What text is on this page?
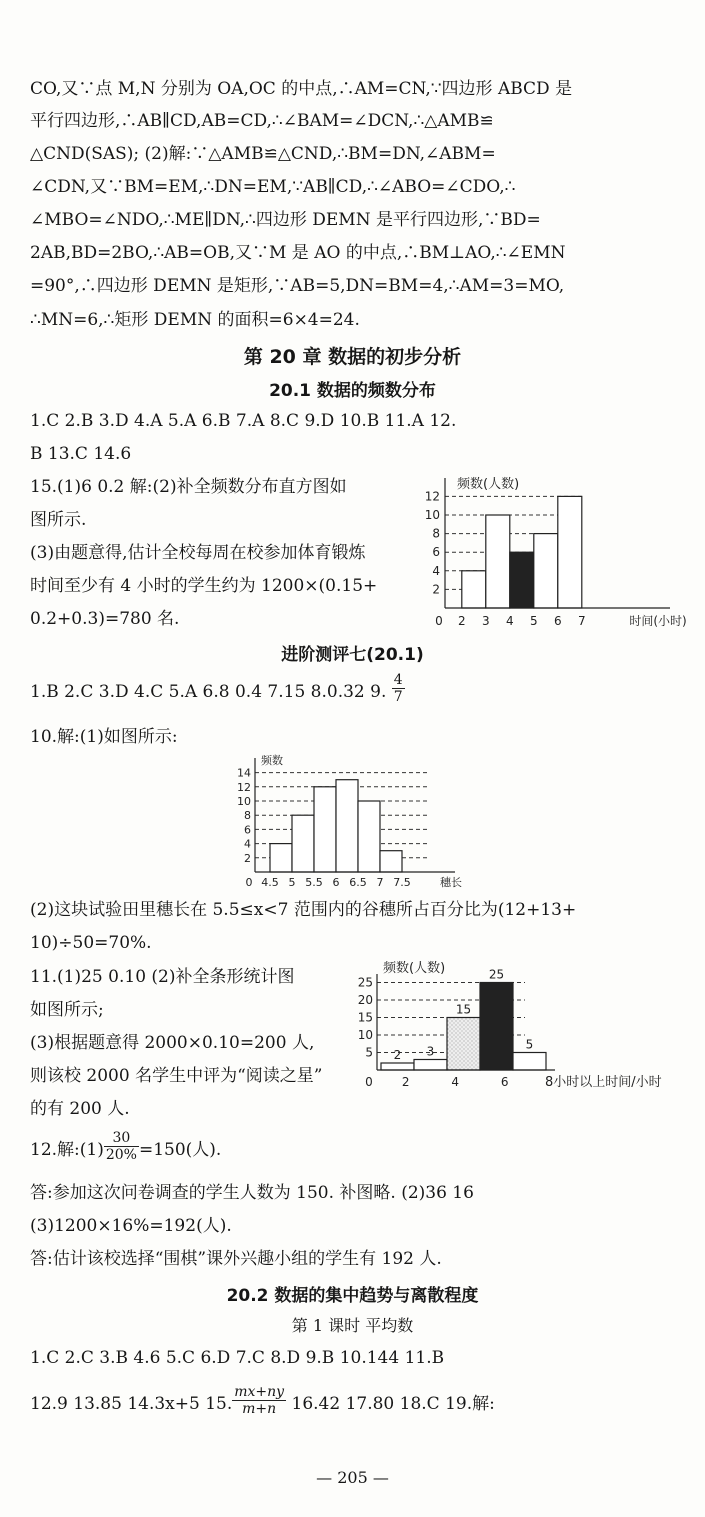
CO,又∵点 M,N 分别为 OA,OC 的中点,∴AM=CN,∵四边形 ABCD 是
平行四边形,∴AB∥CD,AB=CD,∴∠BAM=∠DCN,∴△AMB≌
△CND(SAS); (2)解:∵△AMB≌△CND,∴BM=DN,∠ABM=
∠CDN,又∵BM=EM,∴DN=EM,∵AB∥CD,∴∠ABO=∠CDO,∴
∠MBO=∠NDO,∴ME∥DN,∴四边形 DEMN 是平行四边形,∵BD=
2AB,BD=2BO,∴AB=OB,又∵M 是 AO 的中点,∴BM⊥AO,∴∠EMN
=90°,∴四边形 DEMN 是矩形,∵AB=5,DN=BM=4,∴AM=3=MO,
∴MN=6,∴矩形 DEMN 的面积=6×4=24.
第 20 章 数据的初步分析
20.1 数据的频数分布
1.C 2.B 3.D 4.A 5.A 6.B 7.A 8.C 9.D 10.B 11.A 12.
B 13.C 14.6
15.(1)6 0.2 解:(2)补全频数分布直方图如
图所示.
(3)由题意得,估计全校每周在校参加体育锻炼
时间至少有 4 小时的学生约为 1200×(0.15+
0.2+0.3)=780 名.
2
4
6
8
10
12
0 2 3 4 5 6 7
频数(人数)
时间(小时)
进阶测评七(20.1)
1.B 2.C 3.D 4.C 5.A 6.8 0.4 7.15 8.0.32 9. $\frac{4}{7}$
10.解:(1)如图所示:
2
4
6
8
10
12
14
0 4.5 5 5.5 6 6.5 7 7.5
频数
穗长
(2)这块试验田里穗长在 5.5≤x<7 范围内的谷穗所占百分比为(12+13+
10)÷50=70%.
11.(1)25 0.10 (2)补全条形统计图
如图所示;
(3)根据题意得 2000×0.10=200 人,
则该校 2000 名学生中评为“阅读之星”
的有 200 人.
5
10
15
20
25
2 3
15
25
5
0 2	4	6
频数(人数)
8小时以上时间/小时
12.解:(1) $\frac{30}{20\%} =150$(人).
答:参加这次问卷调查的学生人数为 150. 补图略. (2)36 16
(3)1200×16%=192(人).
答:估计该校选择“围棋”课外兴趣小组的学生有 192 人.
20.2 数据的集中趋势与离散程度
第 1 课时 平均数
1.C 2.C 3.B 4.6 5.C 6.D 7.C 8.D 9.B 10.144 11.B
12.9 13.85 14.3x+5 15. $\frac{mx+ny}{m+n} 16.42$ 17.80 18.C 19.解:
— 205 —
